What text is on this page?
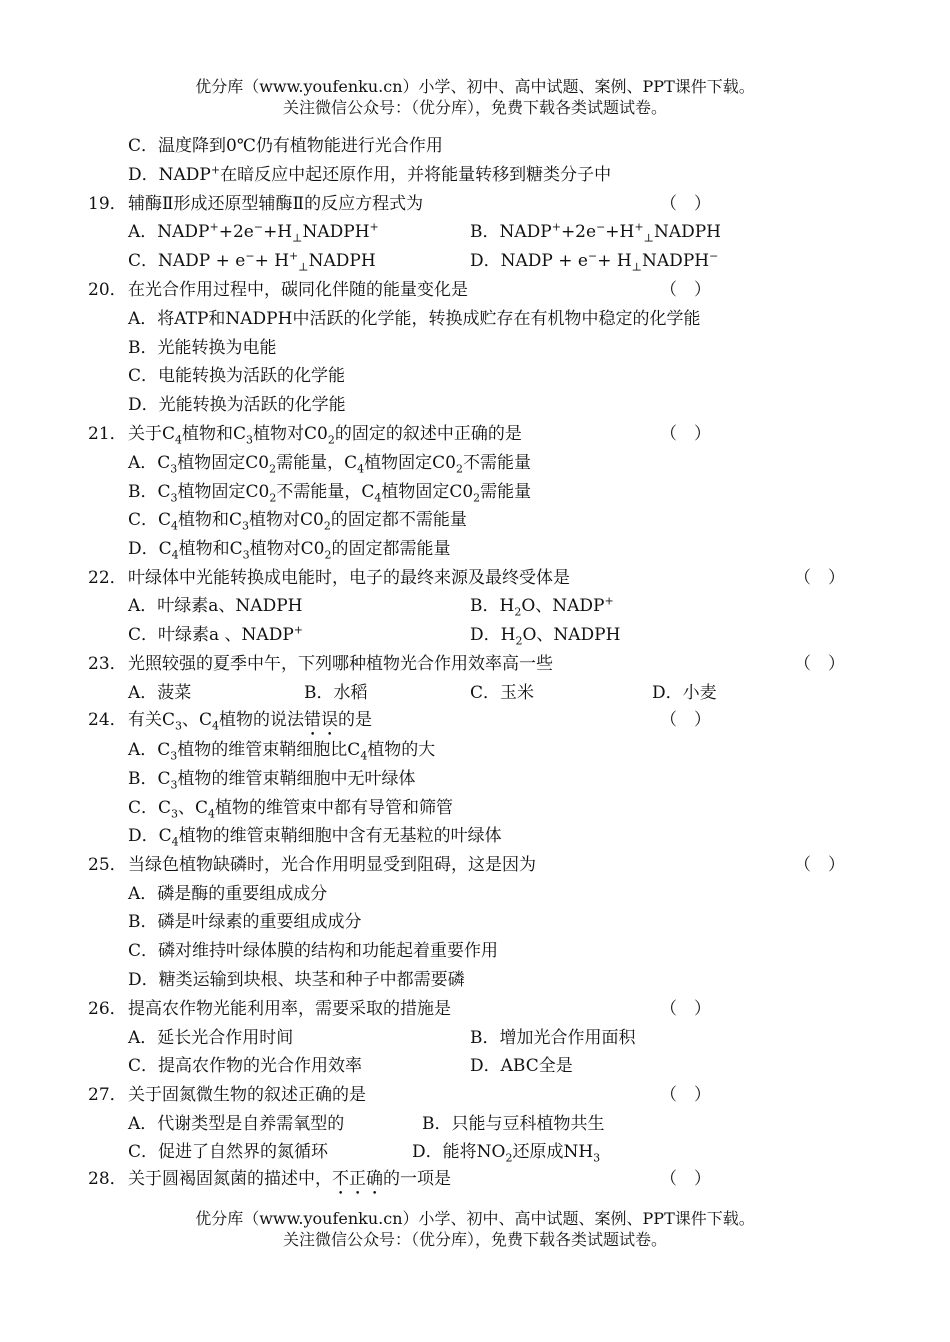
优分库（www.youfenku.cn）小学、初中、高中试题、案例、PPT课件下载。
关注微信公众号：（优分库），免费下载各类试题试卷。
C．温度降到0℃仍有植物能进行光合作用
D．NADP+在暗反应中起还原作用，并将能量转移到糖类分子中
19． 辅酶Ⅱ形成还原型辅酶Ⅱ的反应方程式为	（　）
A．$NADP^++2e^-+H_\perp NADPH^+$	B．$NADP^++2e^-+H^+_\perp NADPH$
C．NADP + $e^-+ H^+_\perp NADPH$	D．NADP + $e^-+ H_\perp NADPH^-$
20． 在光合作用过程中，碳同化伴随的能量变化是	（　）
A．将ATP和NADPH中活跃的化学能，转换成贮存在有机物中稳定的化学能
B．光能转换为电能
C．电能转换为活跃的化学能
D．光能转换为活跃的化学能
21． 关于$C_4$植物和$C_3$植物对$C0_2$的固定的叙述中正确的是	（　）
A．$C_3$植物固定$C0_2$需能量，$C_4$植物固定$C0_2$不需能量
B．$C_3$植物固定$C0_2$不需能量，$C_4$植物固定$C0_2$需能量
C．$C_4$植物和$C_3$植物对$C0_2$的固定都不需能量
D．$C_4$植物和$C_3$植物对$C0_2$的固定都需能量
22． 叶绿体中光能转换成电能时，电子的最终来源及最终受体是	（　）
A．叶绿素a、NADPH	B．$H_2O$、NADP+
C．叶绿素a 、NADP+	D．$H_2O$、NADPH
23． 光照较强的夏季中午，下列哪种植物光合作用效率高一些	（　）
A．菠菜	B．水稻	C．玉米	D．小麦
24． 有关$C_3$、$C_4$植物的说法错误的是	（　）
A．$C_3$植物的维管束鞘细胞比$C_4$植物的大
B．$C_3$植物的维管束鞘细胞中无叶绿体
C．$C_3$、$C_4$植物的维管束中都有导管和筛管
D．$C_4$植物的维管束鞘细胞中含有无基粒的叶绿体
25． 当绿色植物缺磷时，光合作用明显受到阻碍，这是因为	（　）
A．磷是酶的重要组成成分
B．磷是叶绿素的重要组成成分
C．磷对维持叶绿体膜的结构和功能起着重要作用
D．糖类运输到块根、块茎和种子中都需要磷
26． 提高农作物光能利用率，需要采取的措施是	（　）
A．延长光合作用时间	B．增加光合作用面积
C．提高农作物的光合作用效率	D．ABC全是
27． 关于固氮微生物的叙述正确的是	（　）
A．代谢类型是自养需氧型的	B．只能与豆科植物共生
C．促进了自然界的氮循环	D．能将$NO_2$还原成$NH_3$
28． 关于圆褐固氮菌的描述中，不正确的一项是	（　）
优分库（www.youfenku.cn）小学、初中、高中试题、案例、PPT课件下载。
关注微信公众号：（优分库），免费下载各类试题试卷。
